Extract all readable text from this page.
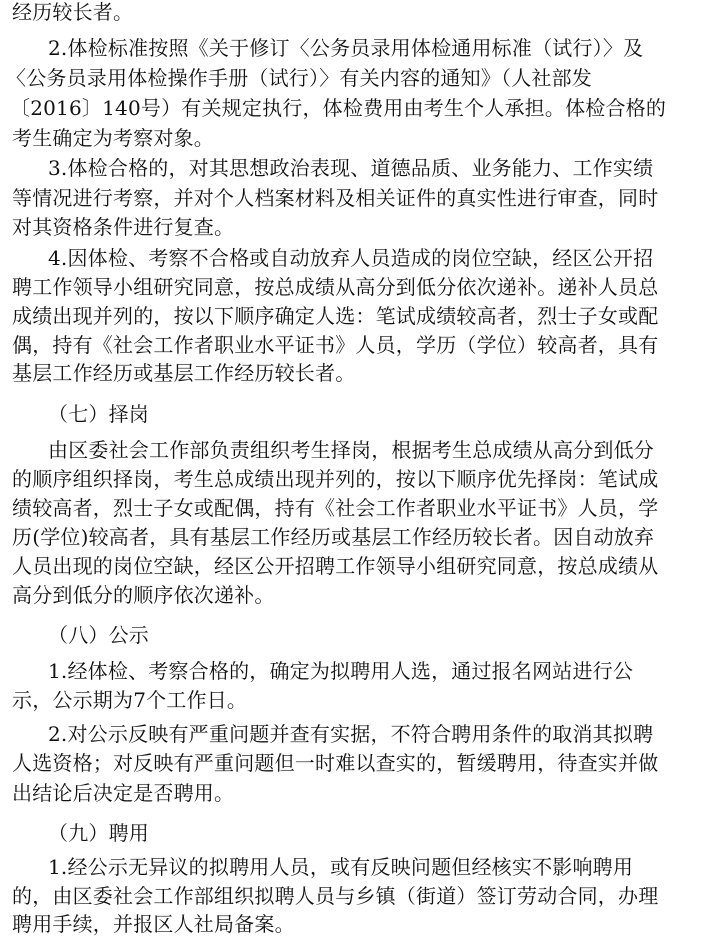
经历较长者。
2.体检标准按照《关于修订〈公务员录用体检通用标准（试行）〉及
〈公务员录用体检操作手册（试行）〉有关内容的通知》（人社部发
〔2016〕140号）有关规定执行，体检费用由考生个人承担。体检合格的
考生确定为考察对象。
3.体检合格的，对其思想政治表现、道德品质、业务能力、工作实绩
等情况进行考察，并对个人档案材料及相关证件的真实性进行审查，同时
对其资格条件进行复查。
4.因体检、考察不合格或自动放弃人员造成的岗位空缺，经区公开招
聘工作领导小组研究同意，按总成绩从高分到低分依次递补。递补人员总
成绩出现并列的，按以下顺序确定人选：笔试成绩较高者，烈士子女或配
偶，持有《社会工作者职业水平证书》人员，学历（学位）较高者，具有
基层工作经历或基层工作经历较长者。
（七）择岗
由区委社会工作部负责组织考生择岗，根据考生总成绩从高分到低分
的顺序组织择岗，考生总成绩出现并列的，按以下顺序优先择岗：笔试成
绩较高者，烈士子女或配偶，持有《社会工作者职业水平证书》人员，学
历(学位)较高者，具有基层工作经历或基层工作经历较长者。因自动放弃
人员出现的岗位空缺，经区公开招聘工作领导小组研究同意，按总成绩从
高分到低分的顺序依次递补。
（八）公示
1.经体检、考察合格的，确定为拟聘用人选，通过报名网站进行公
示，公示期为7个工作日。
2.对公示反映有严重问题并查有实据，不符合聘用条件的取消其拟聘
人选资格；对反映有严重问题但一时难以查实的，暂缓聘用，待查实并做
出结论后决定是否聘用。
（九）聘用
1.经公示无异议的拟聘用人员，或有反映问题但经核实不影响聘用
的，由区委社会工作部组织拟聘人员与乡镇（街道）签订劳动合同，办理
聘用手续，并报区人社局备案。
